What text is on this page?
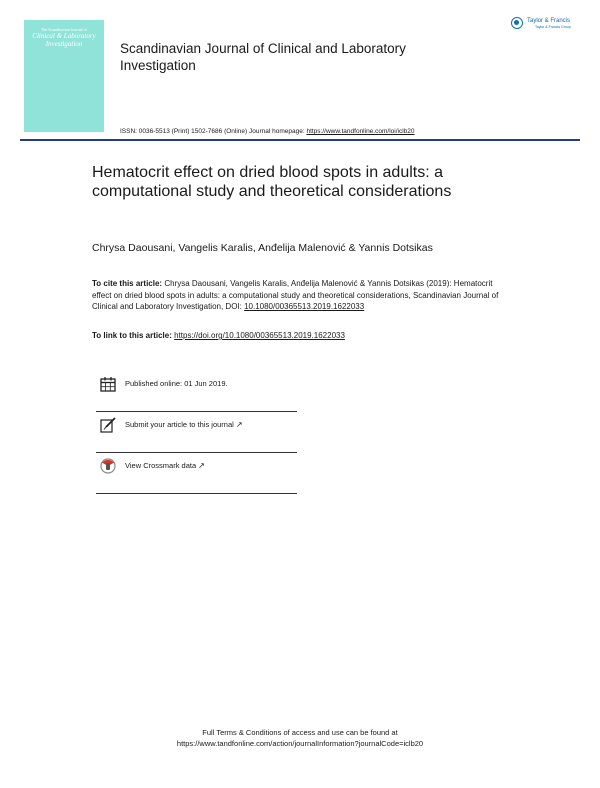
The Scandinavian Journal of
Clinical & Laboratory Investigation	Scandinavian Journal of Clinical and Laboratory Investigation
Taylor & Francis
Taylor & Francis Group
ISSN: 0036-5513 (Print) 1502-7686 (Online) Journal homepage: https://www.tandfonline.com/loi/iclb20
Hematocrit effect on dried blood spots in adults: a computational study and theoretical considerations
Chrysa Daousani, Vangelis Karalis, Anđelija Malenović & Yannis Dotsikas
To cite this article: Chrysa Daousani, Vangelis Karalis, Anđelija Malenović & Yannis Dotsikas (2019): Hematocrit effect on dried blood spots in adults: a computational study and theoretical considerations, Scandinavian Journal of Clinical and Laboratory Investigation, DOI: 10.1080/00365513.2019.1622033
To link to this article: https://doi.org/10.1080/00365513.2019.1622033
Published online: 01 Jun 2019.
Submit your article to this journal ↗
View Crossmark data ↗
Full Terms & Conditions of access and use can be found at
https://www.tandfonline.com/action/journalInformation?journalCode=iclb20
